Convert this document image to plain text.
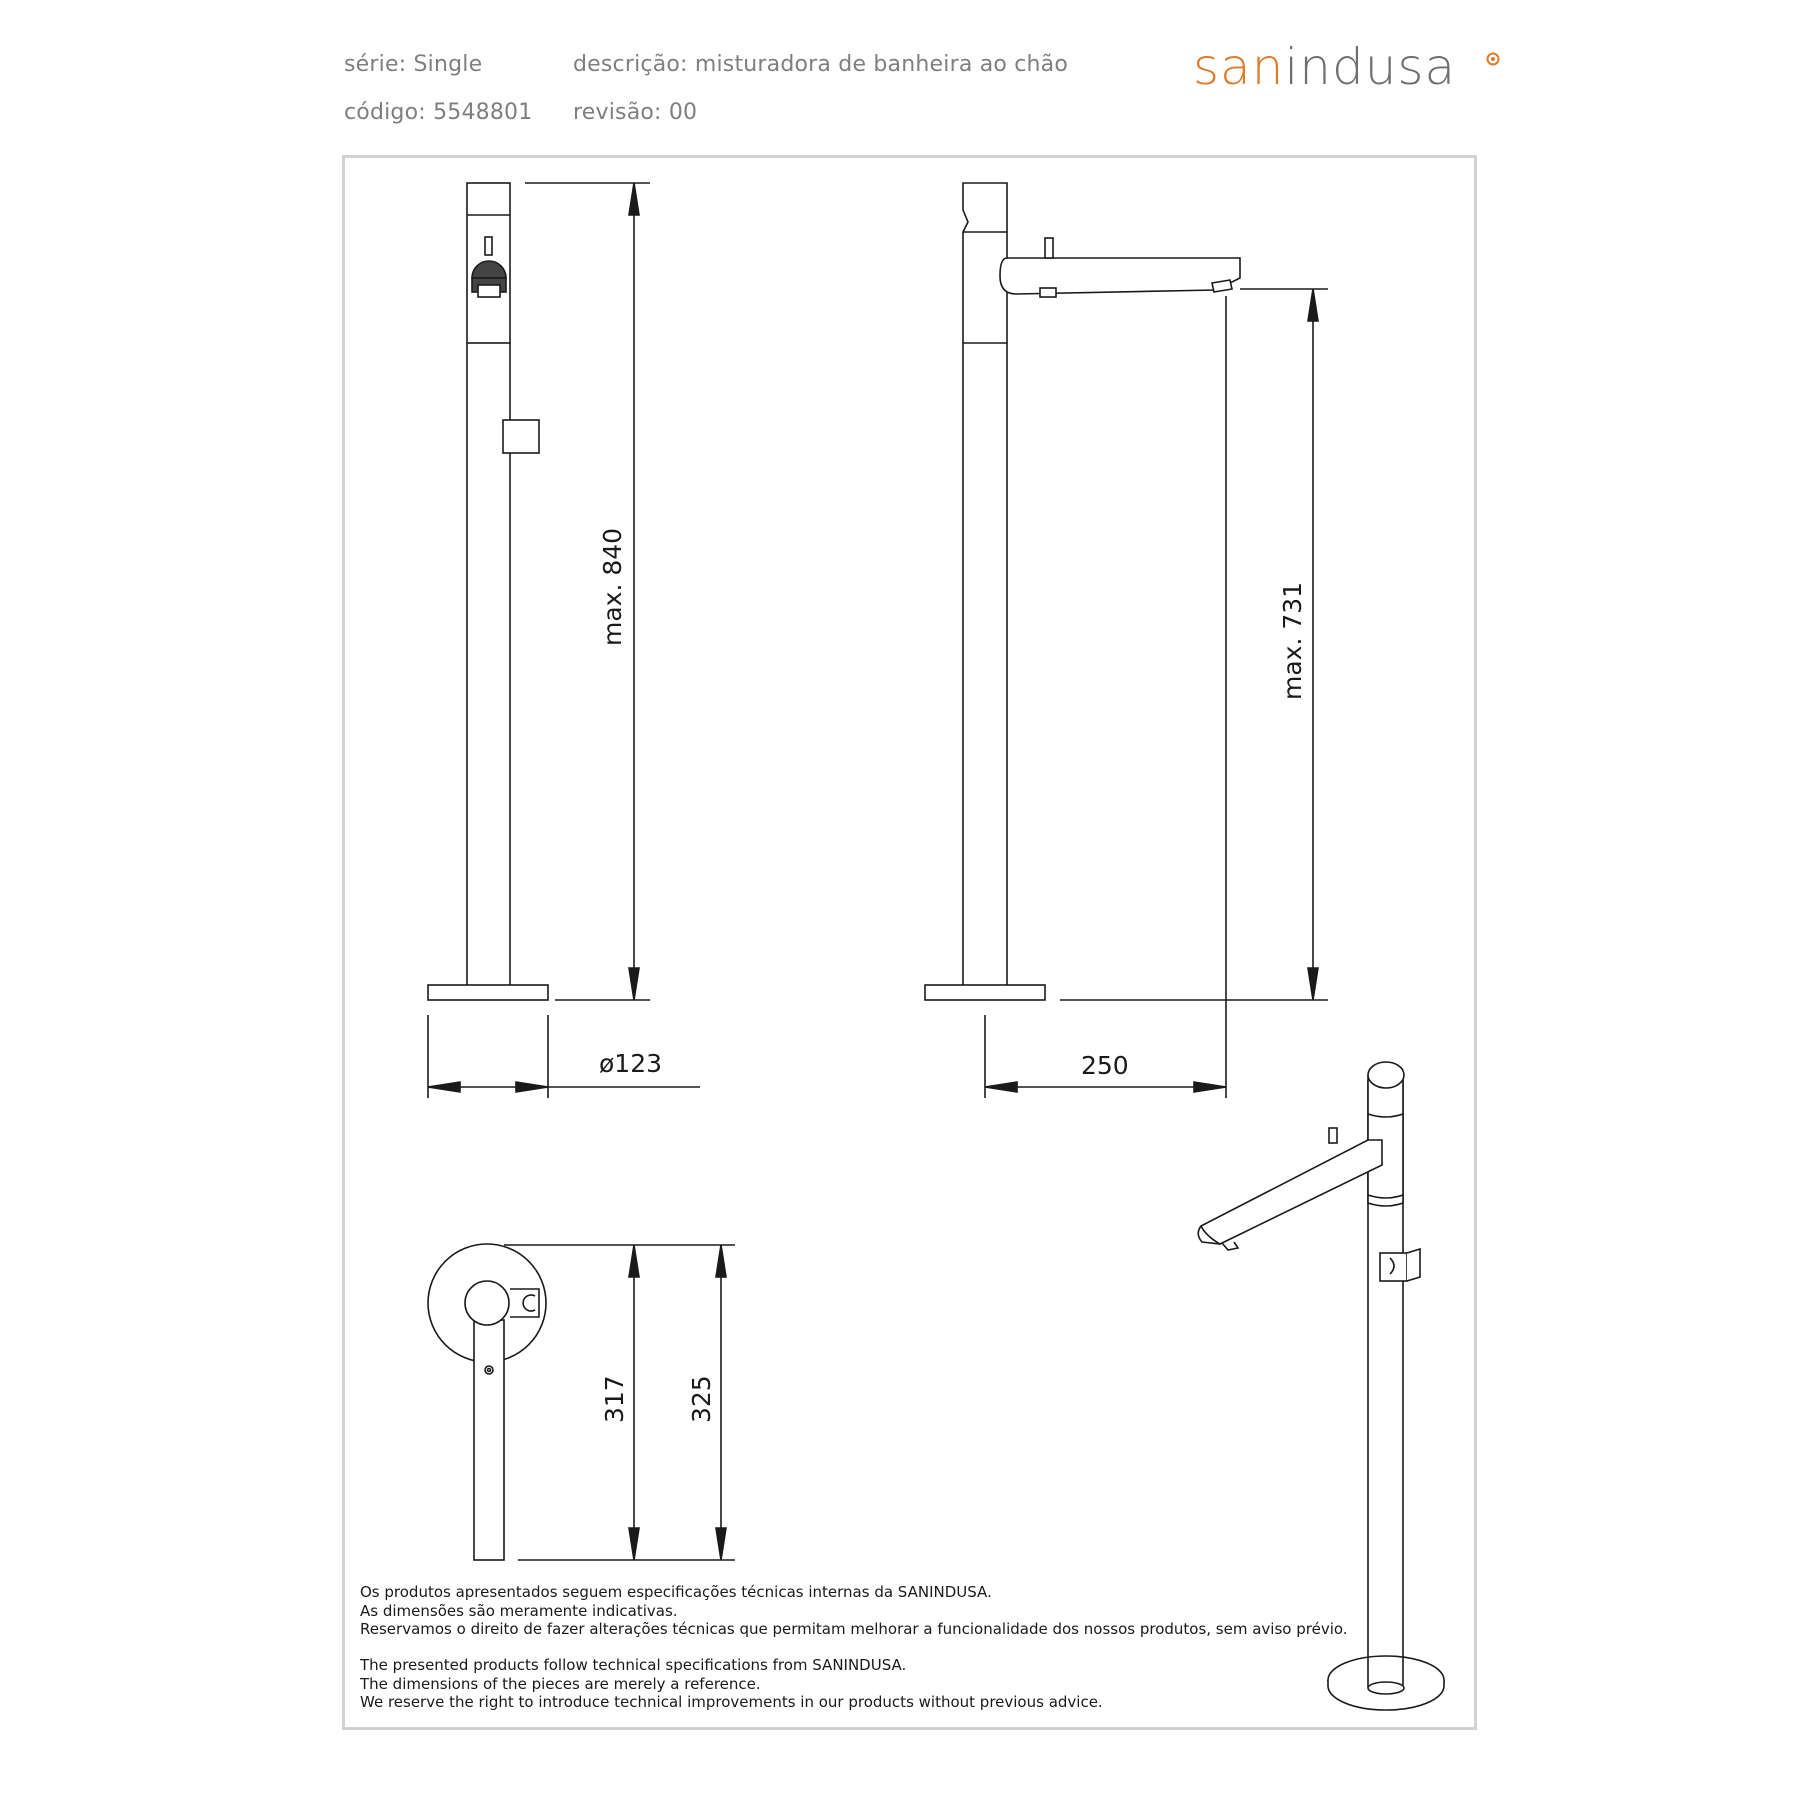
série: Single
código: 5548801
descrição: misturadora de banheira ao chão
revisão: 00
sanindusa
max. 840
ø123
max. 731
250
317 325
Os produtos apresentados seguem especificações técnicas internas da SANINDUSA.
As dimensões são meramente indicativas.
Reservamos o direito de fazer alterações técnicas que permitam melhorar a funcionalidade dos nossos produtos, sem aviso prévio.
The presented products follow technical specifications from SANINDUSA.
The dimensions of the pieces are merely a reference.
We reserve the right to introduce technical improvements in our products without previous advice.
